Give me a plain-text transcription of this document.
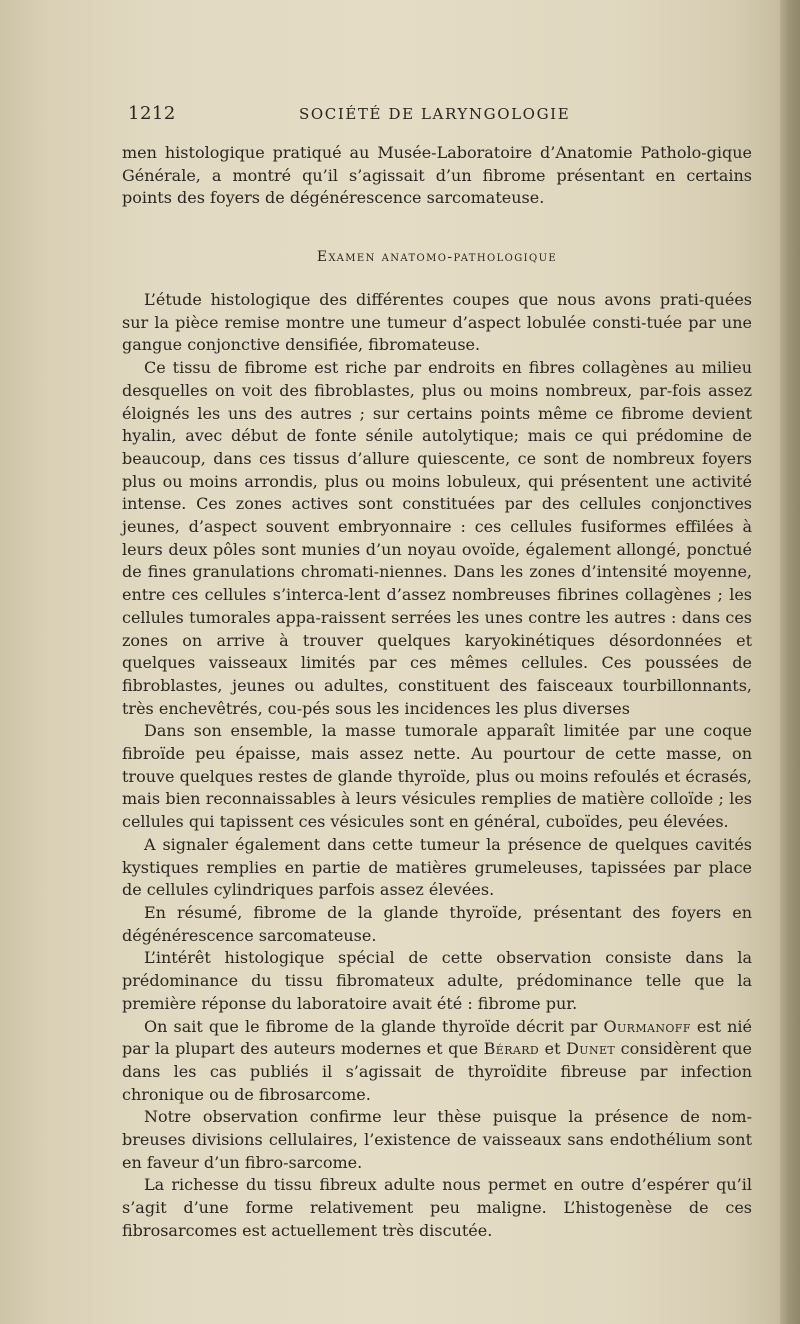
1212	SOCIÉTÉ DE LARYNGOLOGIE

men histologique pratiqué au Musée-Laboratoire d’Anatomie Patholo-gique Générale, a montré qu’il s’agissait d’un fibrome présentant en certains points des foyers de dégénérescence sarcomateuse.

Examen anatomo-pathologique

L’étude histologique des différentes coupes que nous avons prati-quées sur la pièce remise montre une tumeur d’aspect lobulée consti-tuée par une gangue conjonctive densifiée, fibromateuse.

Ce tissu de fibrome est riche par endroits en fibres collagènes au milieu desquelles on voit des fibroblastes, plus ou moins nombreux, par-fois assez éloignés les uns des autres ; sur certains points même ce fibrome devient hyalin, avec début de fonte sénile autolytique; mais ce qui prédomine de beaucoup, dans ces tissus d’allure quiescente, ce sont de nombreux foyers plus ou moins arrondis, plus ou moins lobuleux, qui présentent une activité intense. Ces zones actives sont constituées par des cellules conjonctives jeunes, d’aspect souvent embryonnaire : ces cellules fusiformes effilées à leurs deux pôles sont munies d’un noyau ovoïde, également allongé, ponctué de fines granulations chromati-niennes. Dans les zones d’intensité moyenne, entre ces cellules s’interca-lent d’assez nombreuses fibrines collagènes ; les cellules tumorales appa-raissent serrées les unes contre les autres : dans ces zones on arrive à trouver quelques karyokinétiques désordonnées et quelques vaisseaux limités par ces mêmes cellules. Ces poussées de fibroblastes, jeunes ou adultes, constituent des faisceaux tourbillonnants, très enchevêtrés, cou-pés sous les incidences les plus diverses

Dans son ensemble, la masse tumorale apparaît limitée par une coque fibroïde peu épaisse, mais assez nette. Au pourtour de cette masse, on trouve quelques restes de glande thyroïde, plus ou moins refoulés et écrasés, mais bien reconnaissables à leurs vésicules remplies de matière colloïde ; les cellules qui tapissent ces vésicules sont en général, cuboïdes, peu élevées.

A signaler également dans cette tumeur la présence de quelques cavités kystiques remplies en partie de matières grumeleuses, tapissées par place de cellules cylindriques parfois assez élevées.

En résumé, fibrome de la glande thyroïde, présentant des foyers en dégénérescence sarcomateuse.

L’intérêt histologique spécial de cette observation consiste dans la prédominance du tissu fibromateux adulte, prédominance telle que la première réponse du laboratoire avait été : fibrome pur.

On sait que le fibrome de la glande thyroïde décrit par Ourmanoff est nié par la plupart des auteurs modernes et que Bérard et Dunet considèrent que dans les cas publiés il s’agissait de thyroïdite fibreuse par infection chronique ou de fibrosarcome.

Notre observation confirme leur thèse puisque la présence de nom-breuses divisions cellulaires, l’existence de vaisseaux sans endothélium sont en faveur d’un fibro-sarcome.

La richesse du tissu fibreux adulte nous permet en outre d’espérer qu’il s’agit d’une forme relativement peu maligne. L’histogenèse de ces fibrosarcomes est actuellement très discutée.
